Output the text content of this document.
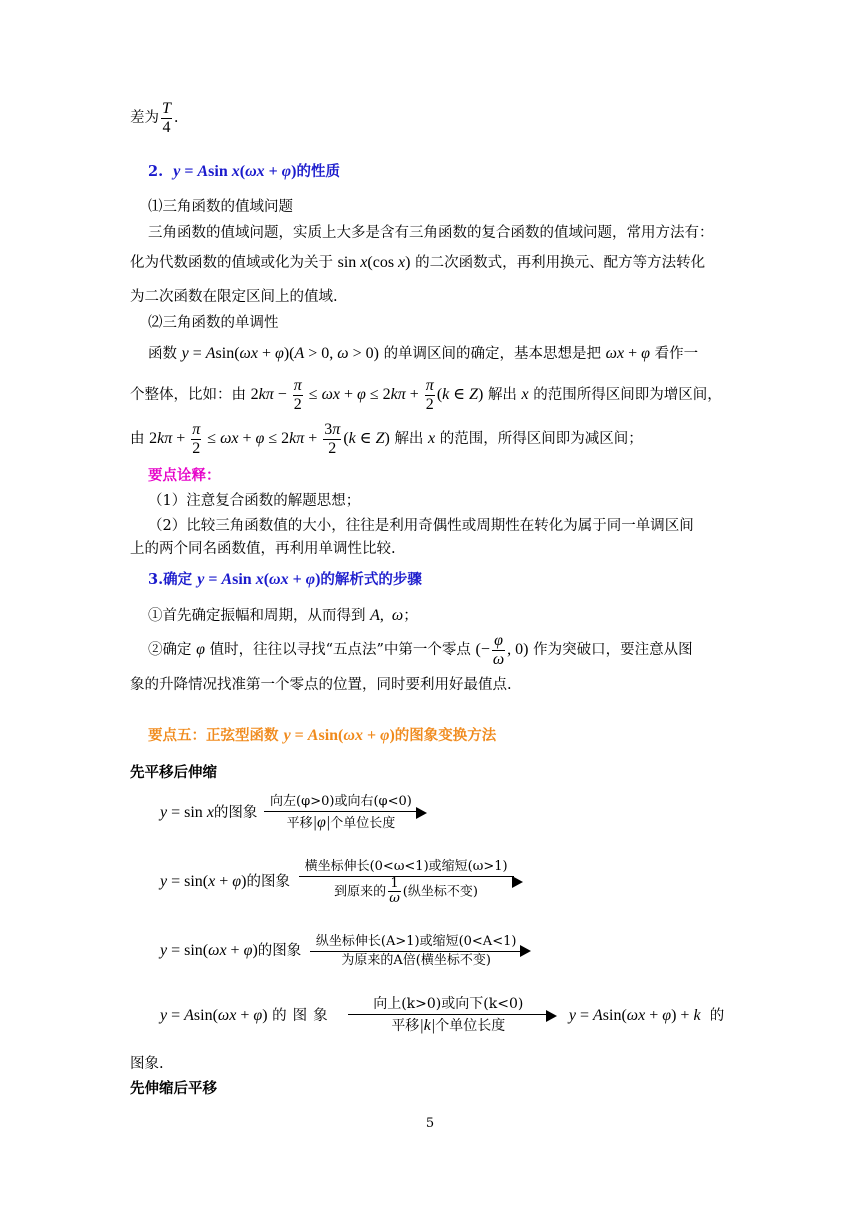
差为 $\frac{T}{4}$ .
2. y = Asin x(ωx + φ)的性质
⑴三角函数的值域问题
三角函数的值域问题，实质上大多是含有三角函数的复合函数的值域问题，常用方法有：
化为代数函数的值域或化为关于 sin x(cos x) 的二次函数式，再利用换元、配方等方法转化
为二次函数在限定区间上的值域.
⑵三角函数的单调性
函数 y = Asin(ωx + φ)(A > 0, ω > 0) 的单调区间的确定，基本思想是把 ωx + φ 看作一
个整体，比如：由 $2k\pi - \frac{\pi}{2} \le \omega x + \varphi \le 2k\pi + \frac{\pi}{2} (k$ ∈ Z) 解出 x 的范围所得区间即为增区间，
由 $2k\pi + \frac{\pi}{2} \le \omega x + \varphi \le 2k\pi + \frac{3\pi}{2} (k$ ∈ Z) 解出 x 的范围，所得区间即为减区间；
要点诠释：
（1）注意复合函数的解题思想；
（2）比较三角函数值的大小，往往是利用奇偶性或周期性在转化为属于同一单调区间
上的两个同名函数值，再利用单调性比较.
3.确定 y = Asin x(ωx + φ)的解析式的步骤
①首先确定振幅和周期，从而得到 A,  ω；
②确定 φ 值时，往往以寻找“五点法”中第一个零点 (− $\frac{\varphi}{\omega}$ , 0) 作为突破口，要注意从图
象的升降情况找准第一个零点的位置，同时要利用好最值点.
要点五：正弦型函数 y = Asin(ωx + φ)的图象变换方法
先平移后伸缩
y = sin x的图象
向左(φ>0)或向右(φ<0)
平移|φ|个单位长度
y = sin(x + φ)的图象
横坐标伸长(0<ω<1)或缩短(ω>1)
到原来的 $\frac{1}{\omega}$ (纵坐标不变)
y = sin(ωx + φ)的图象
纵坐标伸长(A>1)或缩短(0<A<1)
为原来的A倍(横坐标不变)
y = Asin(ωx + φ) 的图象
向上(k>0)或向下(k<0)
平移|k|个单位长度
y = Asin(ωx + φ) + k 的
图象.
先伸缩后平移
5
